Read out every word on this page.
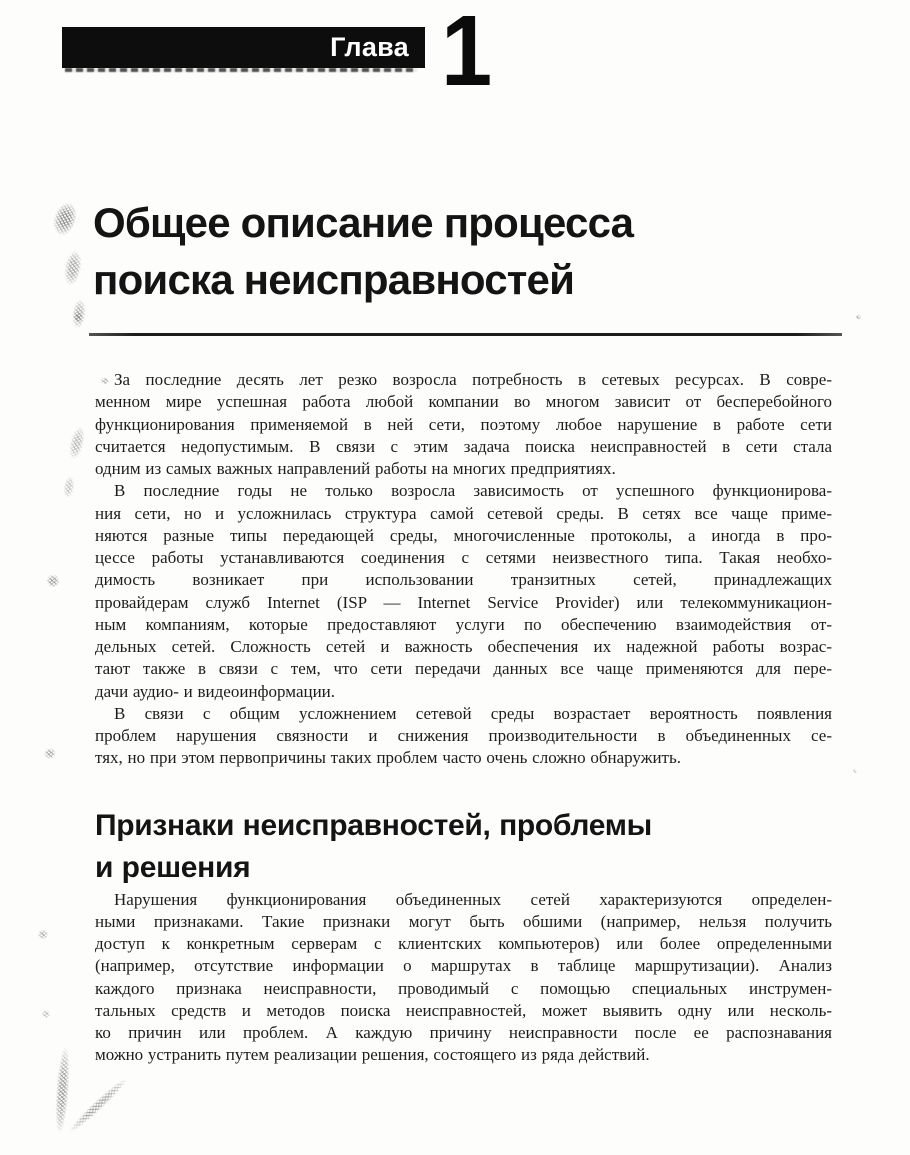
Глава 1
Общее описание процесса
поиска неисправностей
За последние десять лет резко возросла потребность в сетевых ресурсах. В совре-
менном мире успешная работа любой компании во многом зависит от бесперебойного
функционирования применяемой в ней сети, поэтому любое нарушение в работе сети
считается недопустимым. В связи с этим задача поиска неисправностей в сети стала
одним из самых важных направлений работы на многих предприятиях.
В последние годы не только возросла зависимость от успешного функционирова-
ния сети, но и усложнилась структура самой сетевой среды. В сетях все чаще приме-
няются разные типы передающей среды, многочисленные протоколы, а иногда в про-
цессе работы устанавливаются соединения с сетями неизвестного типа. Такая необхо-
димость возникает при использовании транзитных сетей, принадлежащих
провайдерам служб Internet (ISP — Internet Service Provider) или телекоммуникацион-
ным компаниям, которые предоставляют услуги по обеспечению взаимодействия от-
дельных сетей. Сложность сетей и важность обеспечения их надежной работы возрас-
тают также в связи с тем, что сети передачи данных все чаще применяются для пере-
дачи аудио- и видеоинформации.
В связи с общим усложнением сетевой среды возрастает вероятность появления
проблем нарушения связности и снижения производительности в объединенных се-
тях, но при этом первопричины таких проблем часто очень сложно обнаружить.
Признаки неисправностей, проблемы
и решения
Нарушения функционирования объединенных сетей характеризуются определен-
ными признаками. Такие признаки могут быть обшими (например, нельзя получить
доступ к конкретным серверам с клиентских компьютеров) или более определенными
(например, отсутствие информации о маршрутах в таблице маршрутизации). Анализ
каждого признака неисправности, проводимый с помощью специальных инструмен-
тальных средств и методов поиска неисправностей, может выявить одну или несколь-
ко причин или проблем. А каждую причину неисправности после ее распознавания
можно устранить путем реализации решения, состоящего из ряда действий.
